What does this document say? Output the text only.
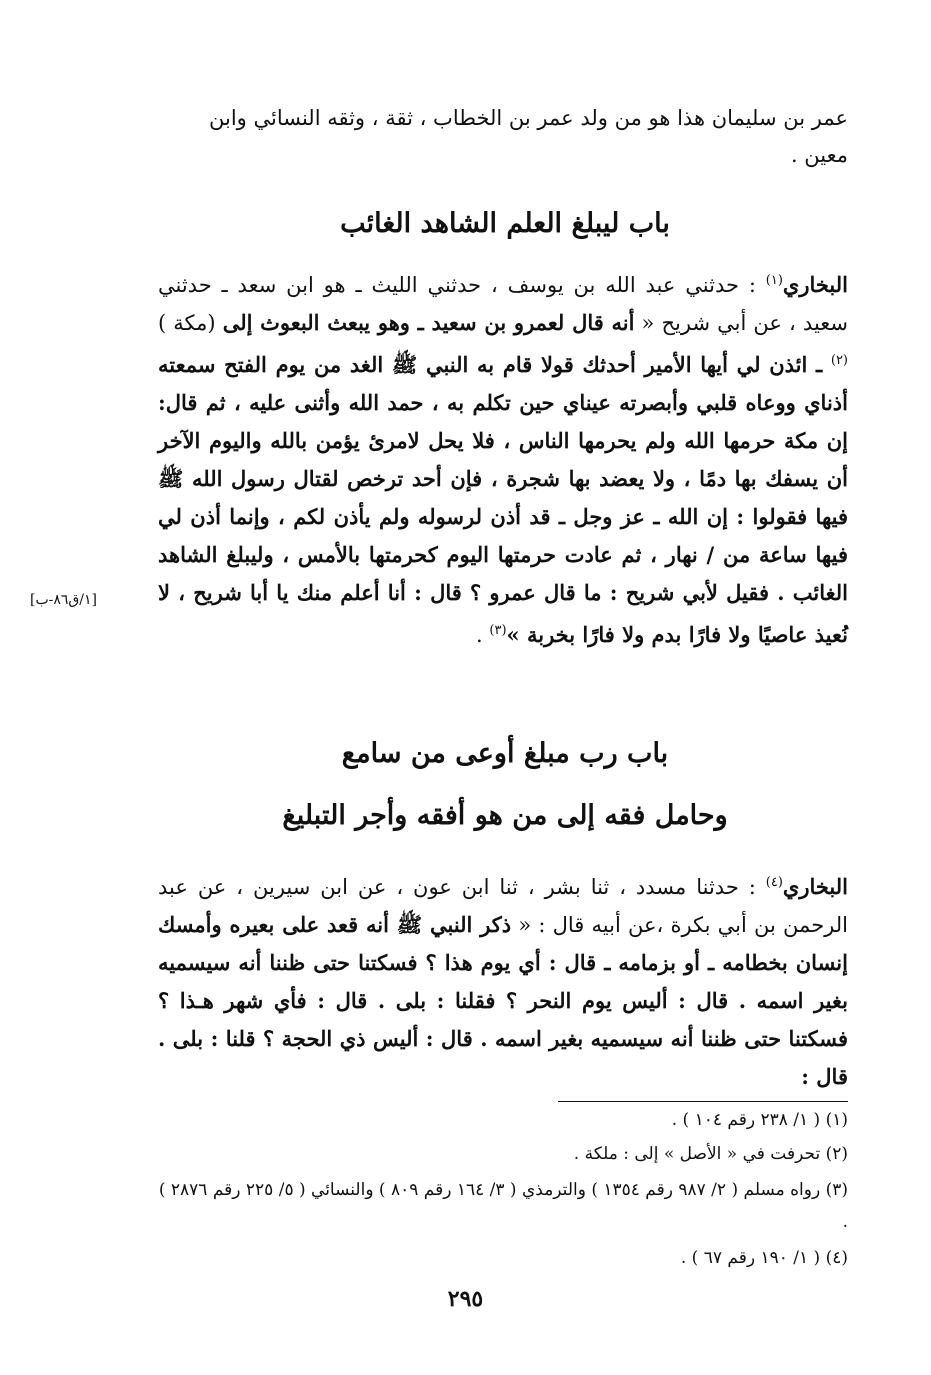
عمر بن سليمان هذا هو من ولد عمر بن الخطاب ، ثقة ، وثقه النسائي وابن

معين .

باب ليبلغ العلم الشاهد الغائب

البخاري$^{(١)}$ : حدثني عبد الله بن يوسف ، حدثني الليث ـ هو ابن سعد ـ حدثني سعيد ، عن أبي شريح « أنه قال لعمرو بن سعيد ـ وهو يبعث البعوث إلى (مكة )$^{(٢)}$ ـ ائذن لي أيها الأمير أحدثك قولا قام به النبي ﷺ الغد من يوم الفتح سمعته أذناي ووعاه قلبي وأبصرته عيناي حين تكلم به ، حمد الله وأثنى عليه ، ثم قال: إن مكة حرمها الله ولم يحرمها الناس ، فلا يحل لامرئ يؤمن بالله واليوم الآخر أن يسفك بها دمًا ، ولا يعضد بها شجرة ، فإن أحد ترخص لقتال رسول الله ﷺ فيها فقولوا : إن الله ـ عز وجل ـ قد أذن لرسوله ولم يأذن لكم ، وإنما أذن لي فيها ساعة من / نهار ، ثم عادت حرمتها اليوم كحرمتها بالأمس ، وليبلغ الشاهد الغائب . فقيل لأبي شريح : ما قال عمرو ؟ قال : أنا أعلم منك يا أبا شريح ، لا نُعيذ عاصيًا ولا فارًا بدم ولا فارًا بخربة »$^{(٣)}$ .

[١/ق٨٦-ب]
باب رب مبلغ أوعى من سامع
وحامل فقه إلى من هو أفقه وأجر التبليغ

البخاري$^{(٤)}$ : حدثنا مسدد ، ثنا بشر ، ثنا ابن عون ، عن ابن سيرين ، عن عبد الرحمن بن أبي بكرة ،عن أبيه قال : « ذكر النبي ﷺ أنه قعد على بعيره وأمسك إنسان بخطامه ـ أو بزمامه ـ قال : أي يوم هذا ؟ فسكتنا حتى ظننا أنه سيسميه بغير اسمه . قال : أليس يوم النحر ؟ فقلنا : بلى . قال : فأي شهر هـذا ؟ فسكتنا حتى ظننا أنه سيسميه بغير اسمه . قال : أليس ذي الحجة ؟ قلنا : بلى . قال :

(١) ( ١/ ٢٣٨ رقم ١٠٤ ) .

(٢) تحرفت في « الأصل » إلى : ملكة .

(٣) رواه مسلم ( ٢/ ٩٨٧ رقم ١٣٥٤ ) والترمذي ( ٣/ ١٦٤ رقم ٨٠٩ ) والنسائي ( ٥/ ٢٢٥ رقم ٢٨٧٦ ) .

(٤) ( ١/ ١٩٠ رقم ٦٧ ) .

٢٩٥
